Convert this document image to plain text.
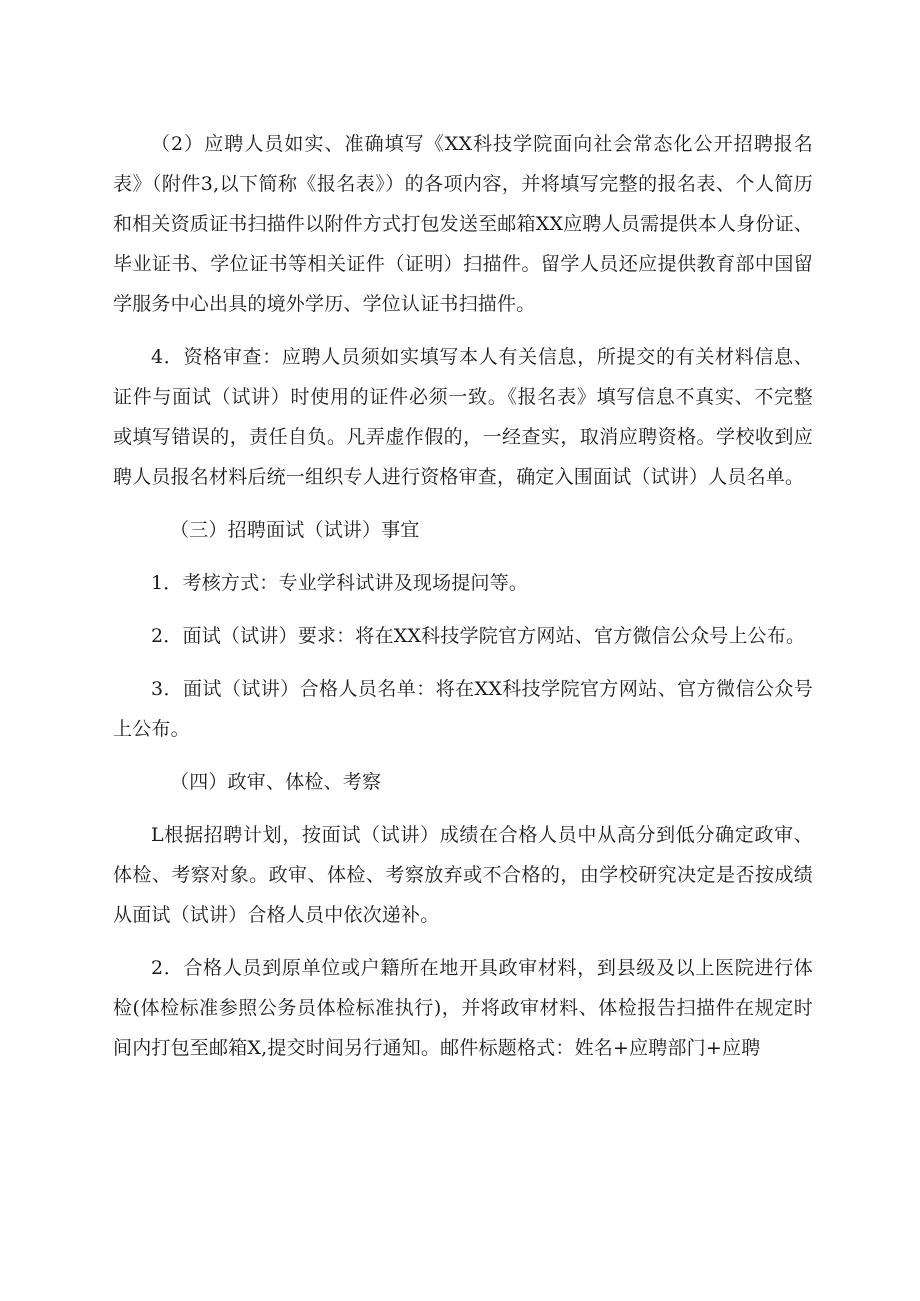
（2）应聘人员如实、准确填写《XX科技学院面向社会常态化公开招聘报名表》（附件3,以下简称《报名表》）的各项内容，并将填写完整的报名表、个人简历和相关资质证书扫描件以附件方式打包发送至邮箱XX应聘人员需提供本人身份证、毕业证书、学位证书等相关证件（证明）扫描件。留学人员还应提供教育部中国留学服务中心出具的境外学历、学位认证书扫描件。

4．资格审查：应聘人员须如实填写本人有关信息，所提交的有关材料信息、证件与面试（试讲）时使用的证件必须一致。《报名表》填写信息不真实、不完整或填写错误的，责任自负。凡弄虚作假的，一经查实，取消应聘资格。学校收到应聘人员报名材料后统一组织专人进行资格审查，确定入围面试（试讲）人员名单。

（三）招聘面试（试讲）事宜

1．考核方式：专业学科试讲及现场提问等。

2．面试（试讲）要求：将在XX科技学院官方网站、官方微信公众号上公布。

3．面试（试讲）合格人员名单：将在XX科技学院官方网站、官方微信公众号上公布。

（四）政审、体检、考察

L根据招聘计划，按面试（试讲）成绩在合格人员中从高分到低分确定政审、体检、考察对象。政审、体检、考察放弃或不合格的，由学校研究决定是否按成绩从面试（试讲）合格人员中依次递补。

2．合格人员到原单位或户籍所在地开具政审材料，到县级及以上医院进行体检(体检标准参照公务员体检标准执行)，并将政审材料、体检报告扫描件在规定时间内打包至邮箱X,提交时间另行通知。邮件标题格式：姓名+应聘部门+应聘
